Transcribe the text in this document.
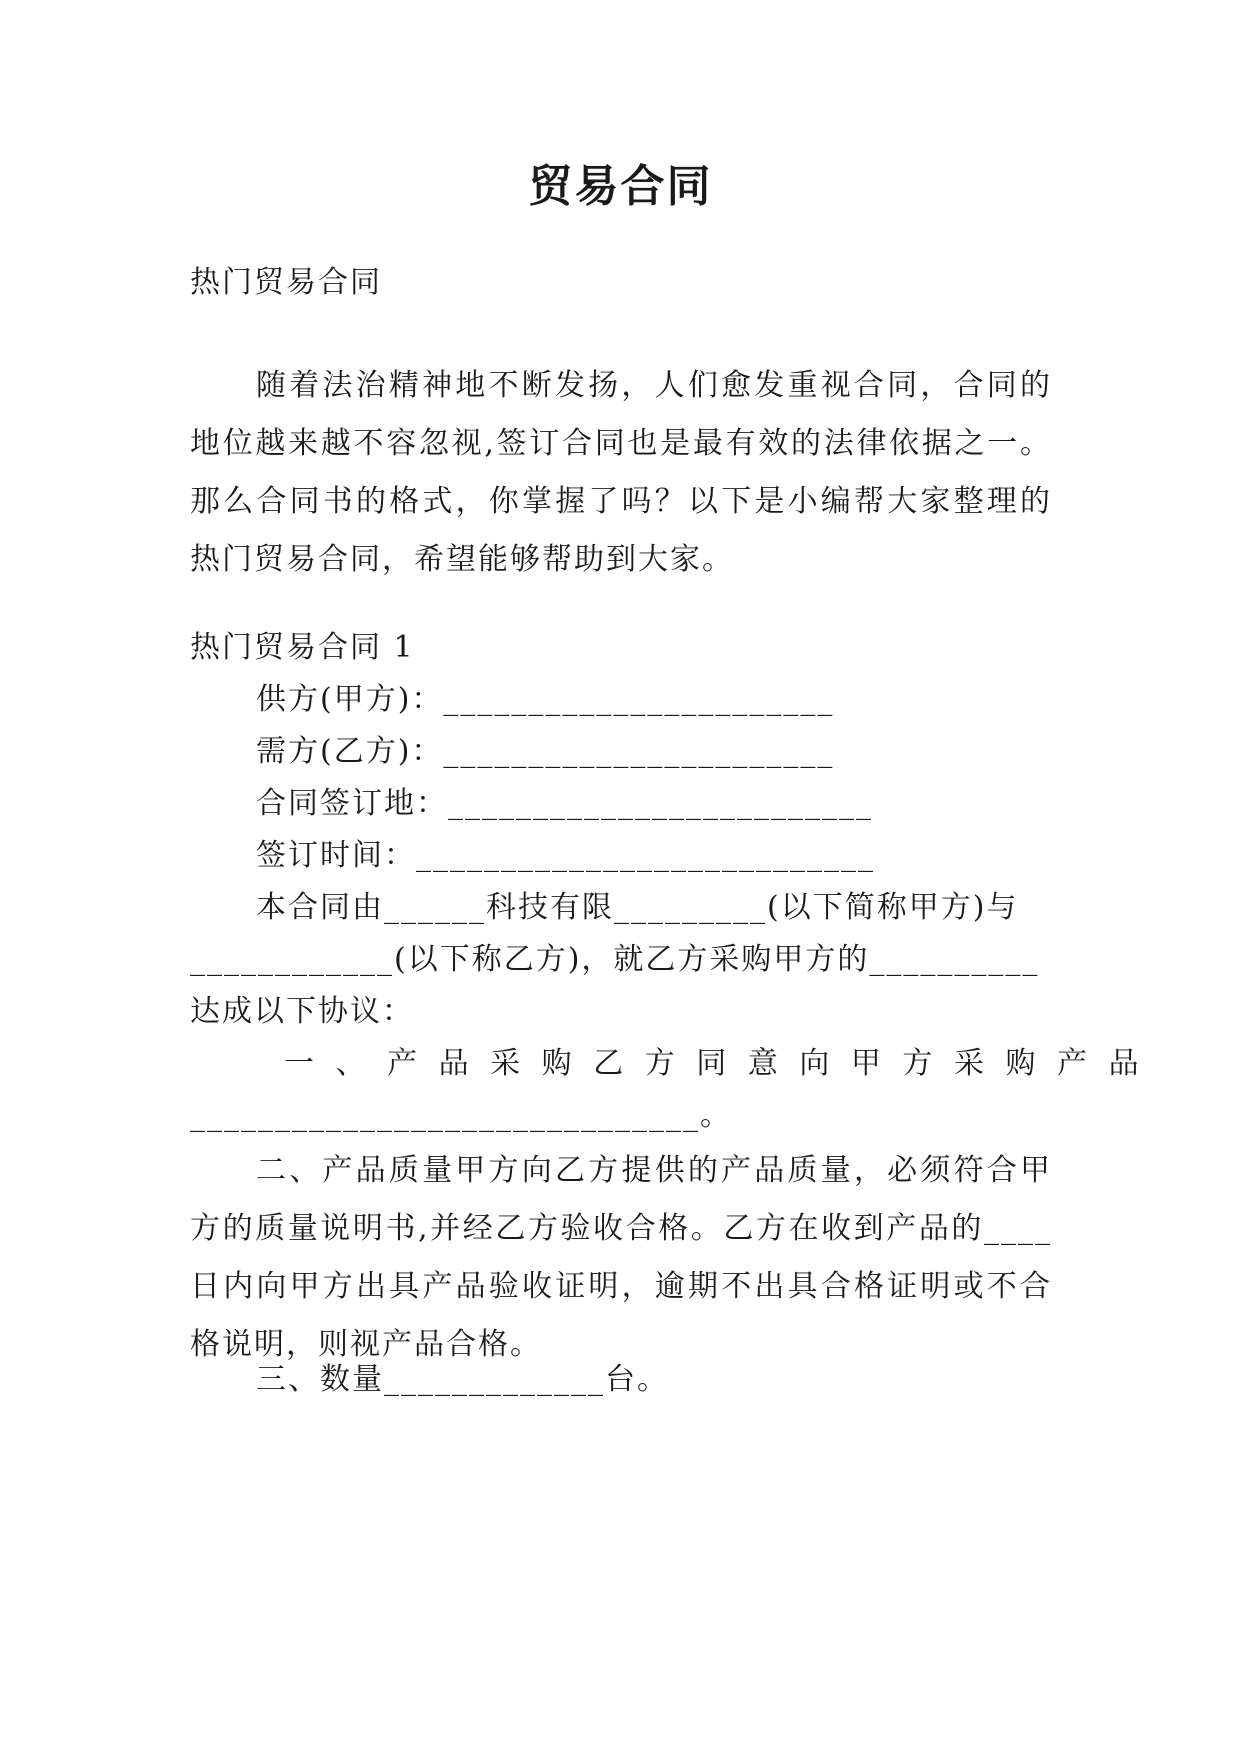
贸易合同
热门贸易合同
随着法治精神地不断发扬，人们愈发重视合同，合同的地位越来越不容忽视,签订合同也是最有效的法律依据之一。那么合同书的格式，你掌握了吗？以下是小编帮大家整理的热门贸易合同，希望能够帮助到大家。
热门贸易合同 1
供方(甲方)：_______________________
需方(乙方)：_______________________
合同签订地：_________________________
签订时间：___________________________
本合同由______科技有限_________(以下简称甲方)与
____________(以下称乙方)，就乙方采购甲方的__________
达成以下协议：
一 、 产 品 采 购 乙 方 同 意 向 甲 方 采 购 产 品
______________________________。
二、产品质量甲方向乙方提供的产品质量，必须符合甲方的质量说明书,并经乙方验收合格。乙方在收到产品的____日内向甲方出具产品验收证明，逾期不出具合格证明或不合格说明，则视产品合格。
三、数量_____________台。
